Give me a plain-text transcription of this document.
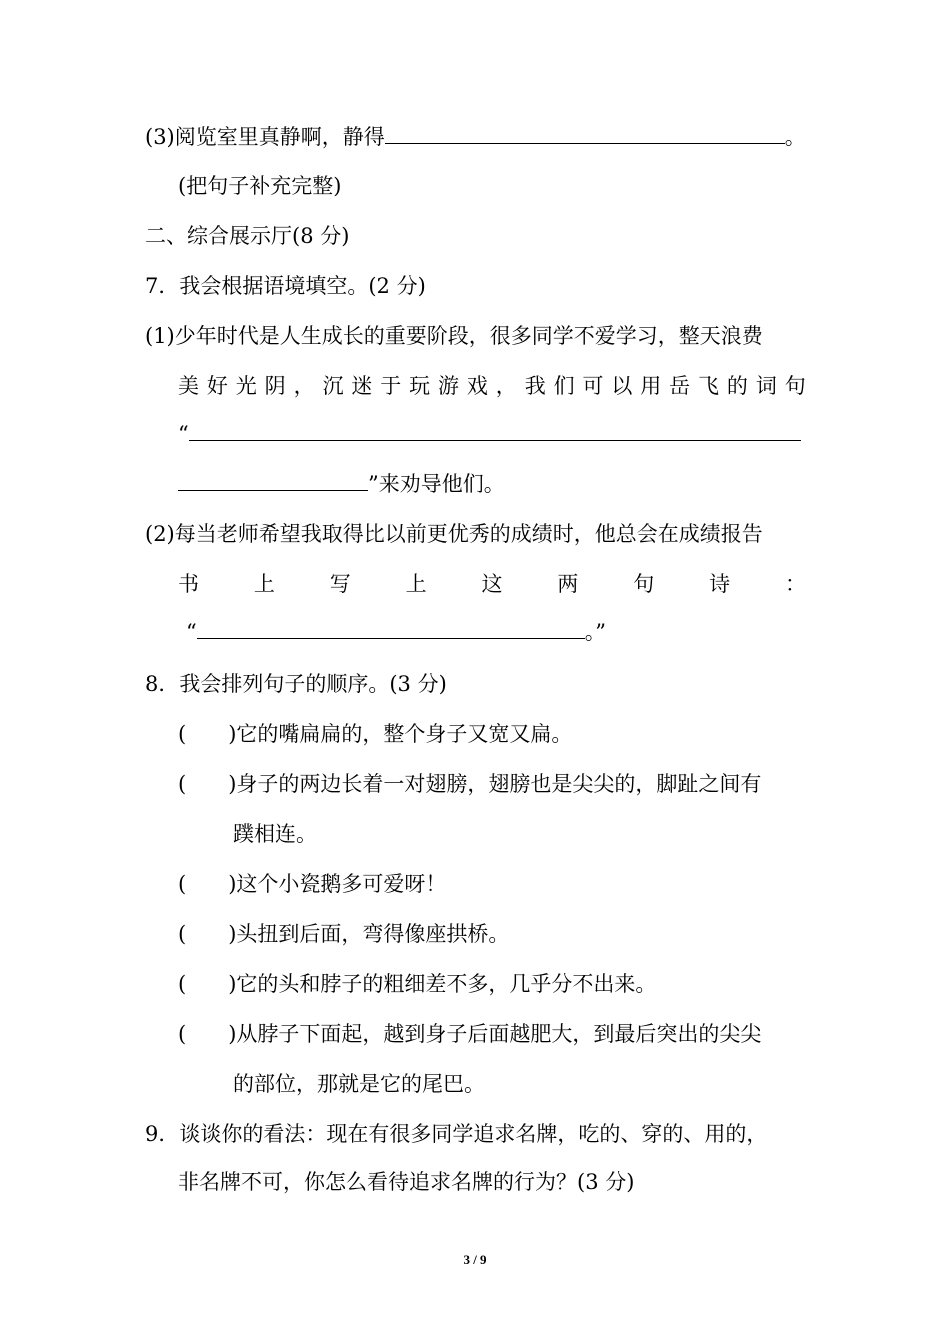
(3)阅览室里真静啊，静得	。
(把句子补充完整)
二、综合展示厅(8 分)
7．我会根据语境填空。(2 分)
(1)少年时代是人生成长的重要阶段，很多同学不爱学习，整天浪费
美 好 光 阴 ， 沉 迷 于 玩 游 戏 ， 我 们 可 以 用 岳 飞 的 词 句
“
”来劝导他们。
(2)每当老师希望我取得比以前更优秀的成绩时，他总会在成绩报告
书	上	写	上	这	两	句	诗	：
“	。”
8．我会排列句子的顺序。(3 分)
(　　)它的嘴扁扁的，整个身子又宽又扁。
(　　)身子的两边长着一对翅膀，翅膀也是尖尖的，脚趾之间有
蹼相连。
(　　)这个小瓷鹅多可爱呀！
(　　)头扭到后面，弯得像座拱桥。
(　　)它的头和脖子的粗细差不多，几乎分不出来。
(　　)从脖子下面起，越到身子后面越肥大，到最后突出的尖尖
的部位，那就是它的尾巴。
9．谈谈你的看法：现在有很多同学追求名牌，吃的、穿的、用的，
非名牌不可，你怎么看待追求名牌的行为？(3 分)
3 / 9
